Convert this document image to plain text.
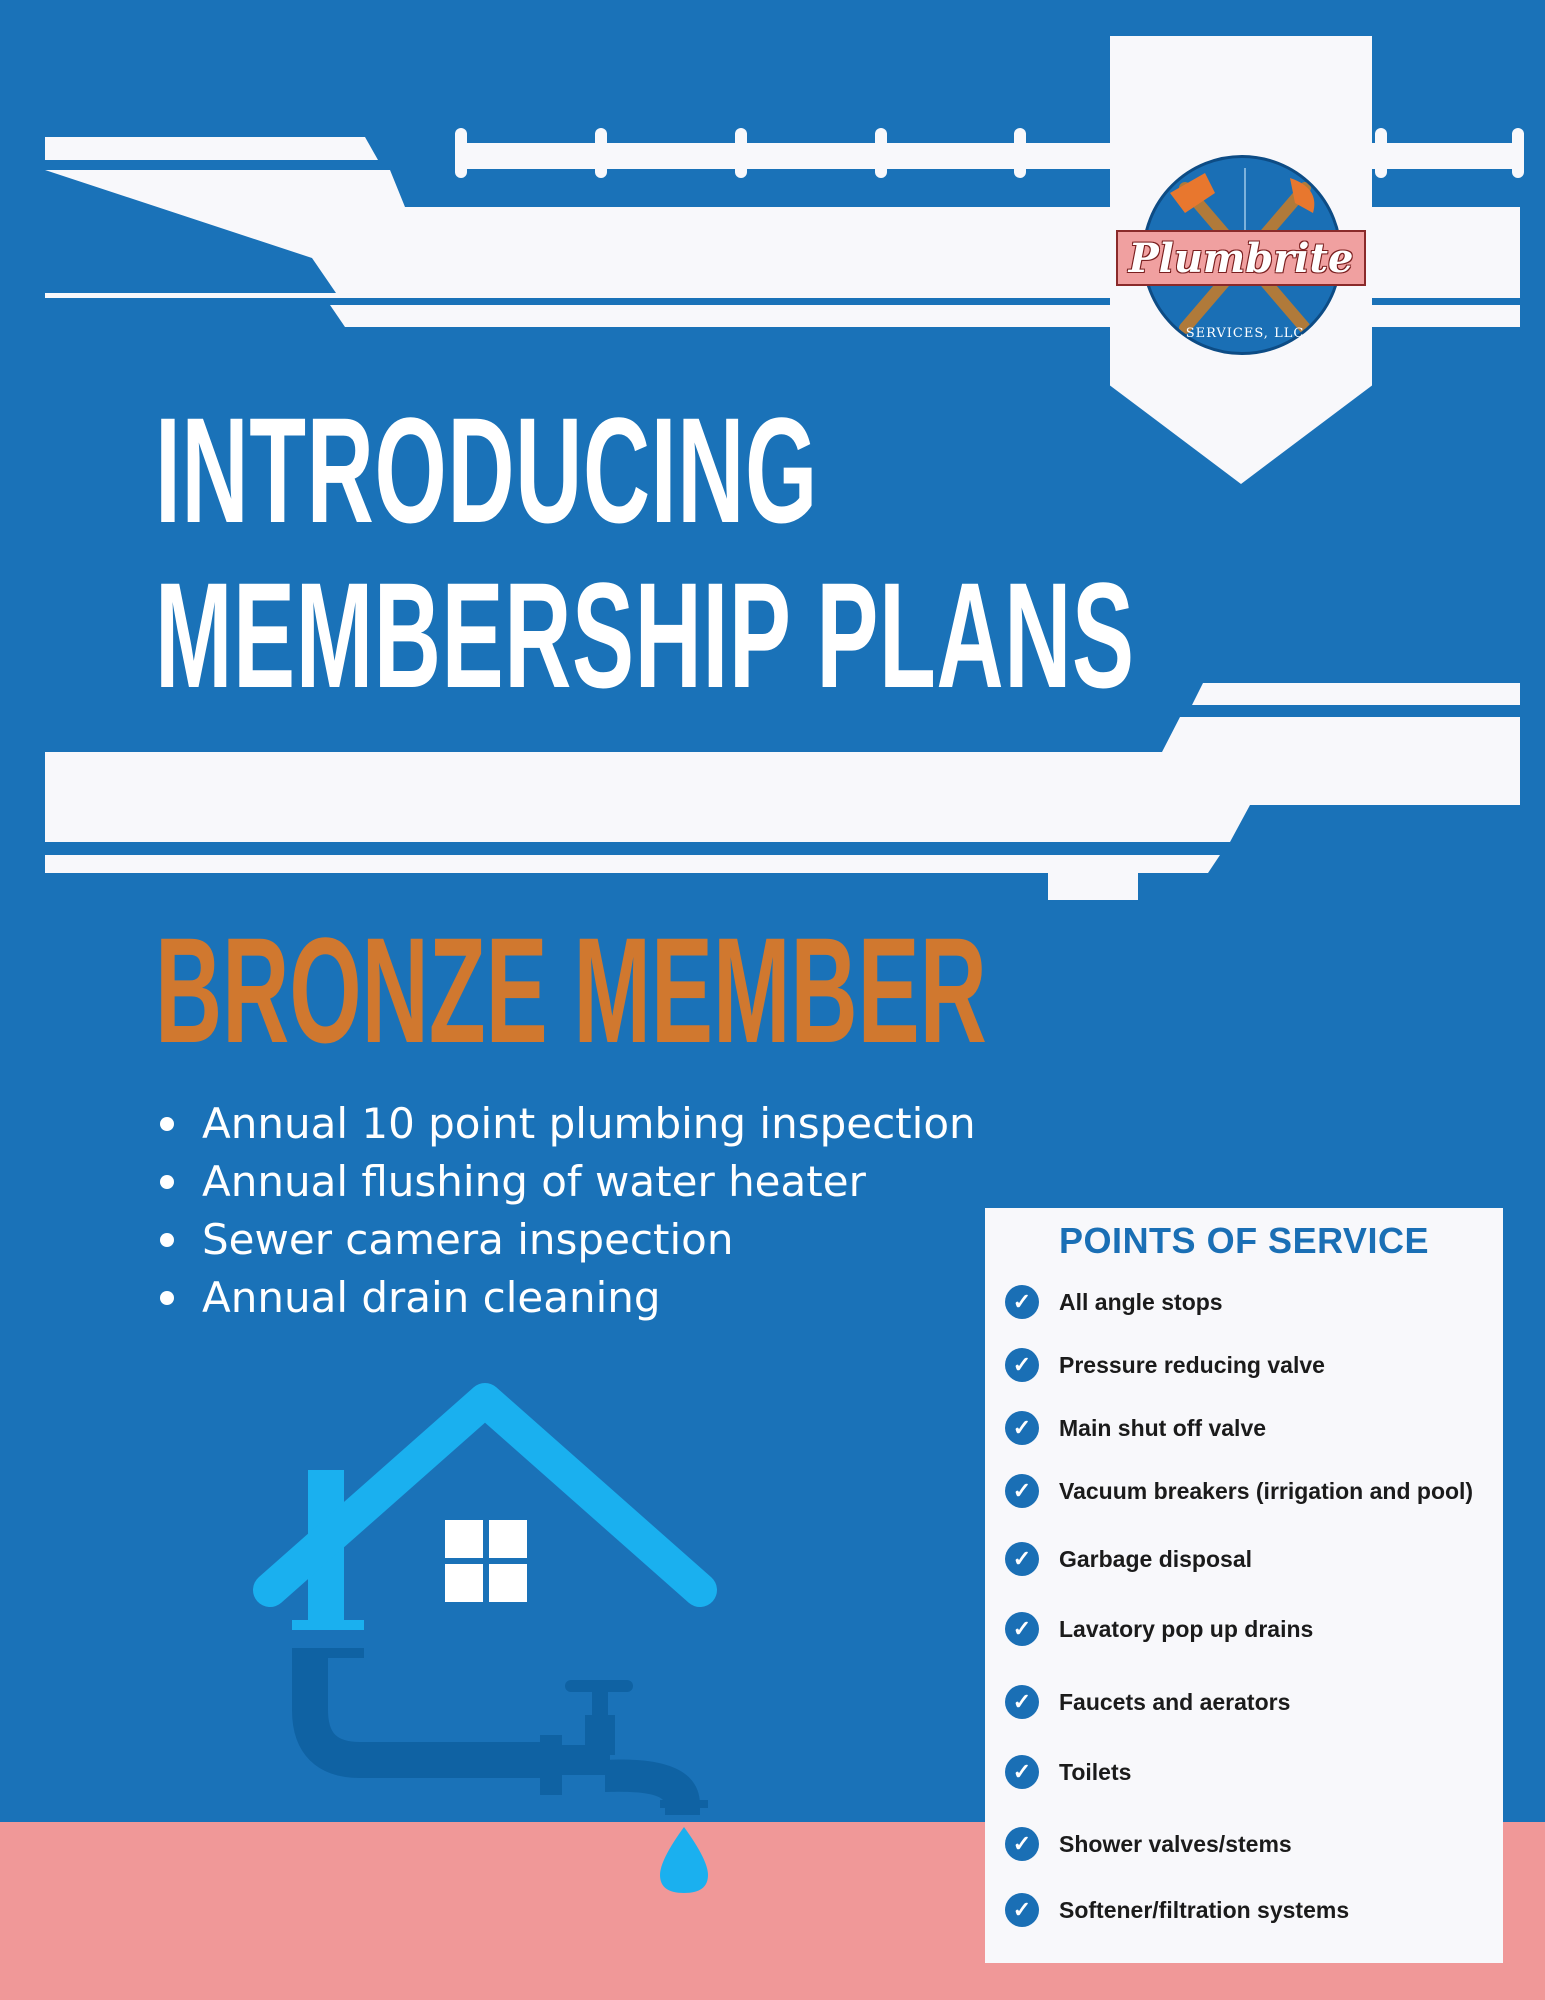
Plumbrite
SERVICES, LLC
INTRODUCING
MEMBERSHIP PLANS
BRONZE MEMBER
Annual 10 point plumbing inspection
Annual flushing of water heater
Sewer camera inspection
Annual drain cleaning
POINTS OF SERVICE
✓	All angle stops
✓	Pressure reducing valve
✓	Main shut off valve
✓	Vacuum breakers (irrigation and pool)
✓	Garbage disposal
✓	Lavatory pop up drains
✓	Faucets and aerators
✓	Toilets
✓	Shower valves/stems
✓	Softener/filtration systems
